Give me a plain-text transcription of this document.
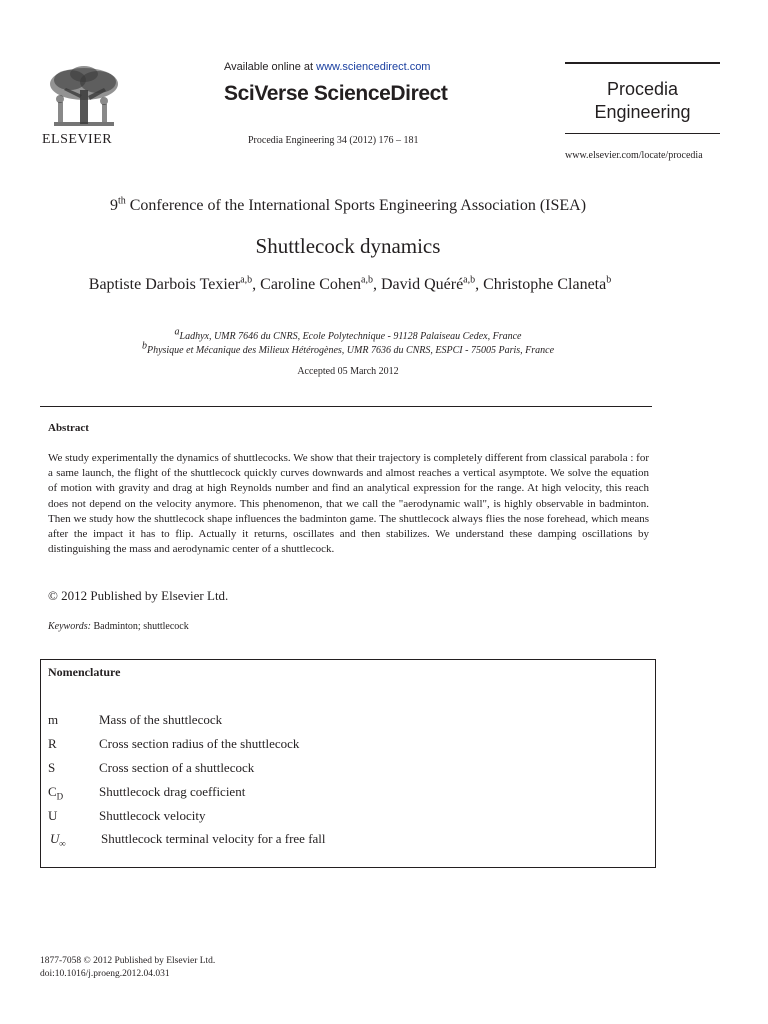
ELSEVIER
Available online at www.sciencedirect.com
SciVerse ScienceDirect
Procedia Engineering 34 (2012) 176 – 181
Procedia
Engineering
www.elsevier.com/locate/procedia
9th Conference of the International Sports Engineering Association (ISEA)
Shuttlecock dynamics
Baptiste Darbois Texier$^{a,b}$, Caroline Cohen$^{a,b}$, David Quéré$^{a,b}$, Christophe Claneta$^b$
$^a$Ladhyx, UMR 7646 du CNRS, Ecole Polytechnique - 91128 Palaiseau Cedex, France
$^b$Physique et Mécanique des Milieux Hétérogènes, UMR 7636 du CNRS, ESPCI - 75005 Paris, France
Accepted 05 March 2012
Abstract
We study experimentally the dynamics of shuttlecocks. We show that their trajectory is completely different from classical parabola : for a same launch, the flight of the shuttlecock quickly curves downwards and almost reaches a vertical asymptote. We solve the equation of motion with gravity and drag at high Reynolds number and find an analytical expression for the range. At high velocity, this reach does not depend on the velocity anymore. This phenomenon, that we call the "aerodynamic wall", is highly observable in badminton. Then we study how the shuttlecock shape influences the badminton game. The shuttlecock always flies the nose forehead, which means after the impact it has to flip. Actually it returns, oscillates and then stabilizes. We understand these damping oscillations by distinguishing the mass and aerodynamic center of a shuttlecock.
© 2012 Published by Elsevier Ltd.
Keywords: Badminton; shuttlecock
Nomenclature
m	Mass of the shuttlecock
R	Cross section radius of the shuttlecock
S	Cross section of a shuttlecock
$C_D$	Shuttlecock drag coefficient
U	Shuttlecock velocity
$U_\infty$	Shuttlecock terminal velocity for a free fall
1877-7058 © 2012 Published by Elsevier Ltd.
doi:10.1016/j.proeng.2012.04.031
